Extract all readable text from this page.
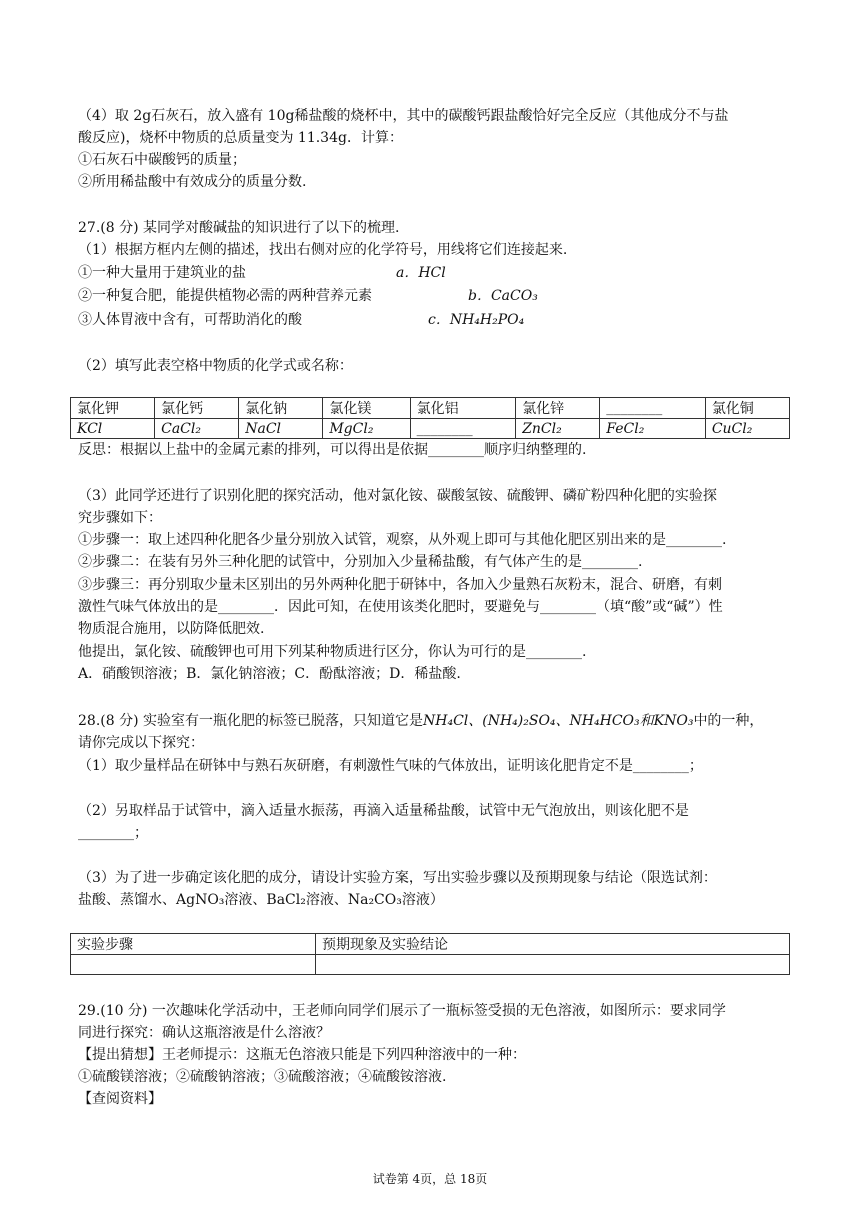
（4）取 2g石灰石，放入盛有 10g稀盐酸的烧杯中，其中的碳酸钙跟盐酸恰好完全反应（其他成分不与盐
酸反应)，烧杯中物质的总质量变为 11.34g．计算：
①石灰石中碳酸钙的质量；
②所用稀盐酸中有效成分的质量分数.
27.(8 分) 某同学对酸碱盐的知识进行了以下的梳理.
（1）根据方框内左侧的描述，找出右侧对应的化学符号，用线将它们连接起来.
①一种大量用于建筑业的盐	a．HCl
②一种复合肥，能提供植物必需的两种营养元素	b．CaCO₃
③人体胃液中含有，可帮助消化的酸	c．NH₄H₂PO₄
（2）填写此表空格中物质的化学式或名称：
氯化钾	氯化钙	氯化钠	氯化镁	氯化铝	氯化锌	________	氯化铜
KCl	CaCl₂	NaCl	MgCl₂	________	ZnCl₂	FeCl₂	CuCl₂
反思：根据以上盐中的金属元素的排列，可以得出是依据________顺序归纳整理的.
（3）此同学还进行了识别化肥的探究活动，他对氯化铵、碳酸氢铵、硫酸钾、磷矿粉四种化肥的实验探
究步骤如下：
①步骤一：取上述四种化肥各少量分别放入试管，观察，从外观上即可与其他化肥区别出来的是________.
②步骤二：在装有另外三种化肥的试管中，分别加入少量稀盐酸，有气体产生的是________.
③步骤三：再分别取少量未区别出的另外两种化肥于研钵中，各加入少量熟石灰粉末，混合、研磨，有刺
激性气味气体放出的是________．因此可知，在使用该类化肥时，要避免与________（填“酸”或“碱”）性
物质混合施用，以防降低肥效.
他提出，氯化铵、硫酸钾也可用下列某种物质进行区分，你认为可行的是________.
A．硝酸钡溶液；B．氯化钠溶液；C．酚酞溶液；D．稀盐酸.
28.(8 分) 实验室有一瓶化肥的标签已脱落，只知道它是NH₄Cl、(NH₄)₂SO₄、NH₄HCO₃和KNO₃中的一种，
请你完成以下探究：
（1）取少量样品在研钵中与熟石灰研磨，有刺激性气味的气体放出，证明该化肥肯定不是________；
（2）另取样品于试管中，滴入适量水振荡，再滴入适量稀盐酸，试管中无气泡放出，则该化肥不是
________；
（3）为了进一步确定该化肥的成分，请设计实验方案，写出实验步骤以及预期现象与结论（限选试剂：
盐酸、蒸馏水、AgNO₃溶液、BaCl₂溶液、Na₂CO₃溶液）
实验步骤	预期现象及实验结论

29.(10 分) 一次趣味化学活动中，王老师向同学们展示了一瓶标签受损的无色溶液，如图所示：要求同学
同进行探究：确认这瓶溶液是什么溶液？
【提出猜想】王老师提示：这瓶无色溶液只能是下列四种溶液中的一种：
①硫酸镁溶液；②硫酸钠溶液；③硫酸溶液；④硫酸铵溶液.
【查阅资料】
试卷第 4页，总 18页
